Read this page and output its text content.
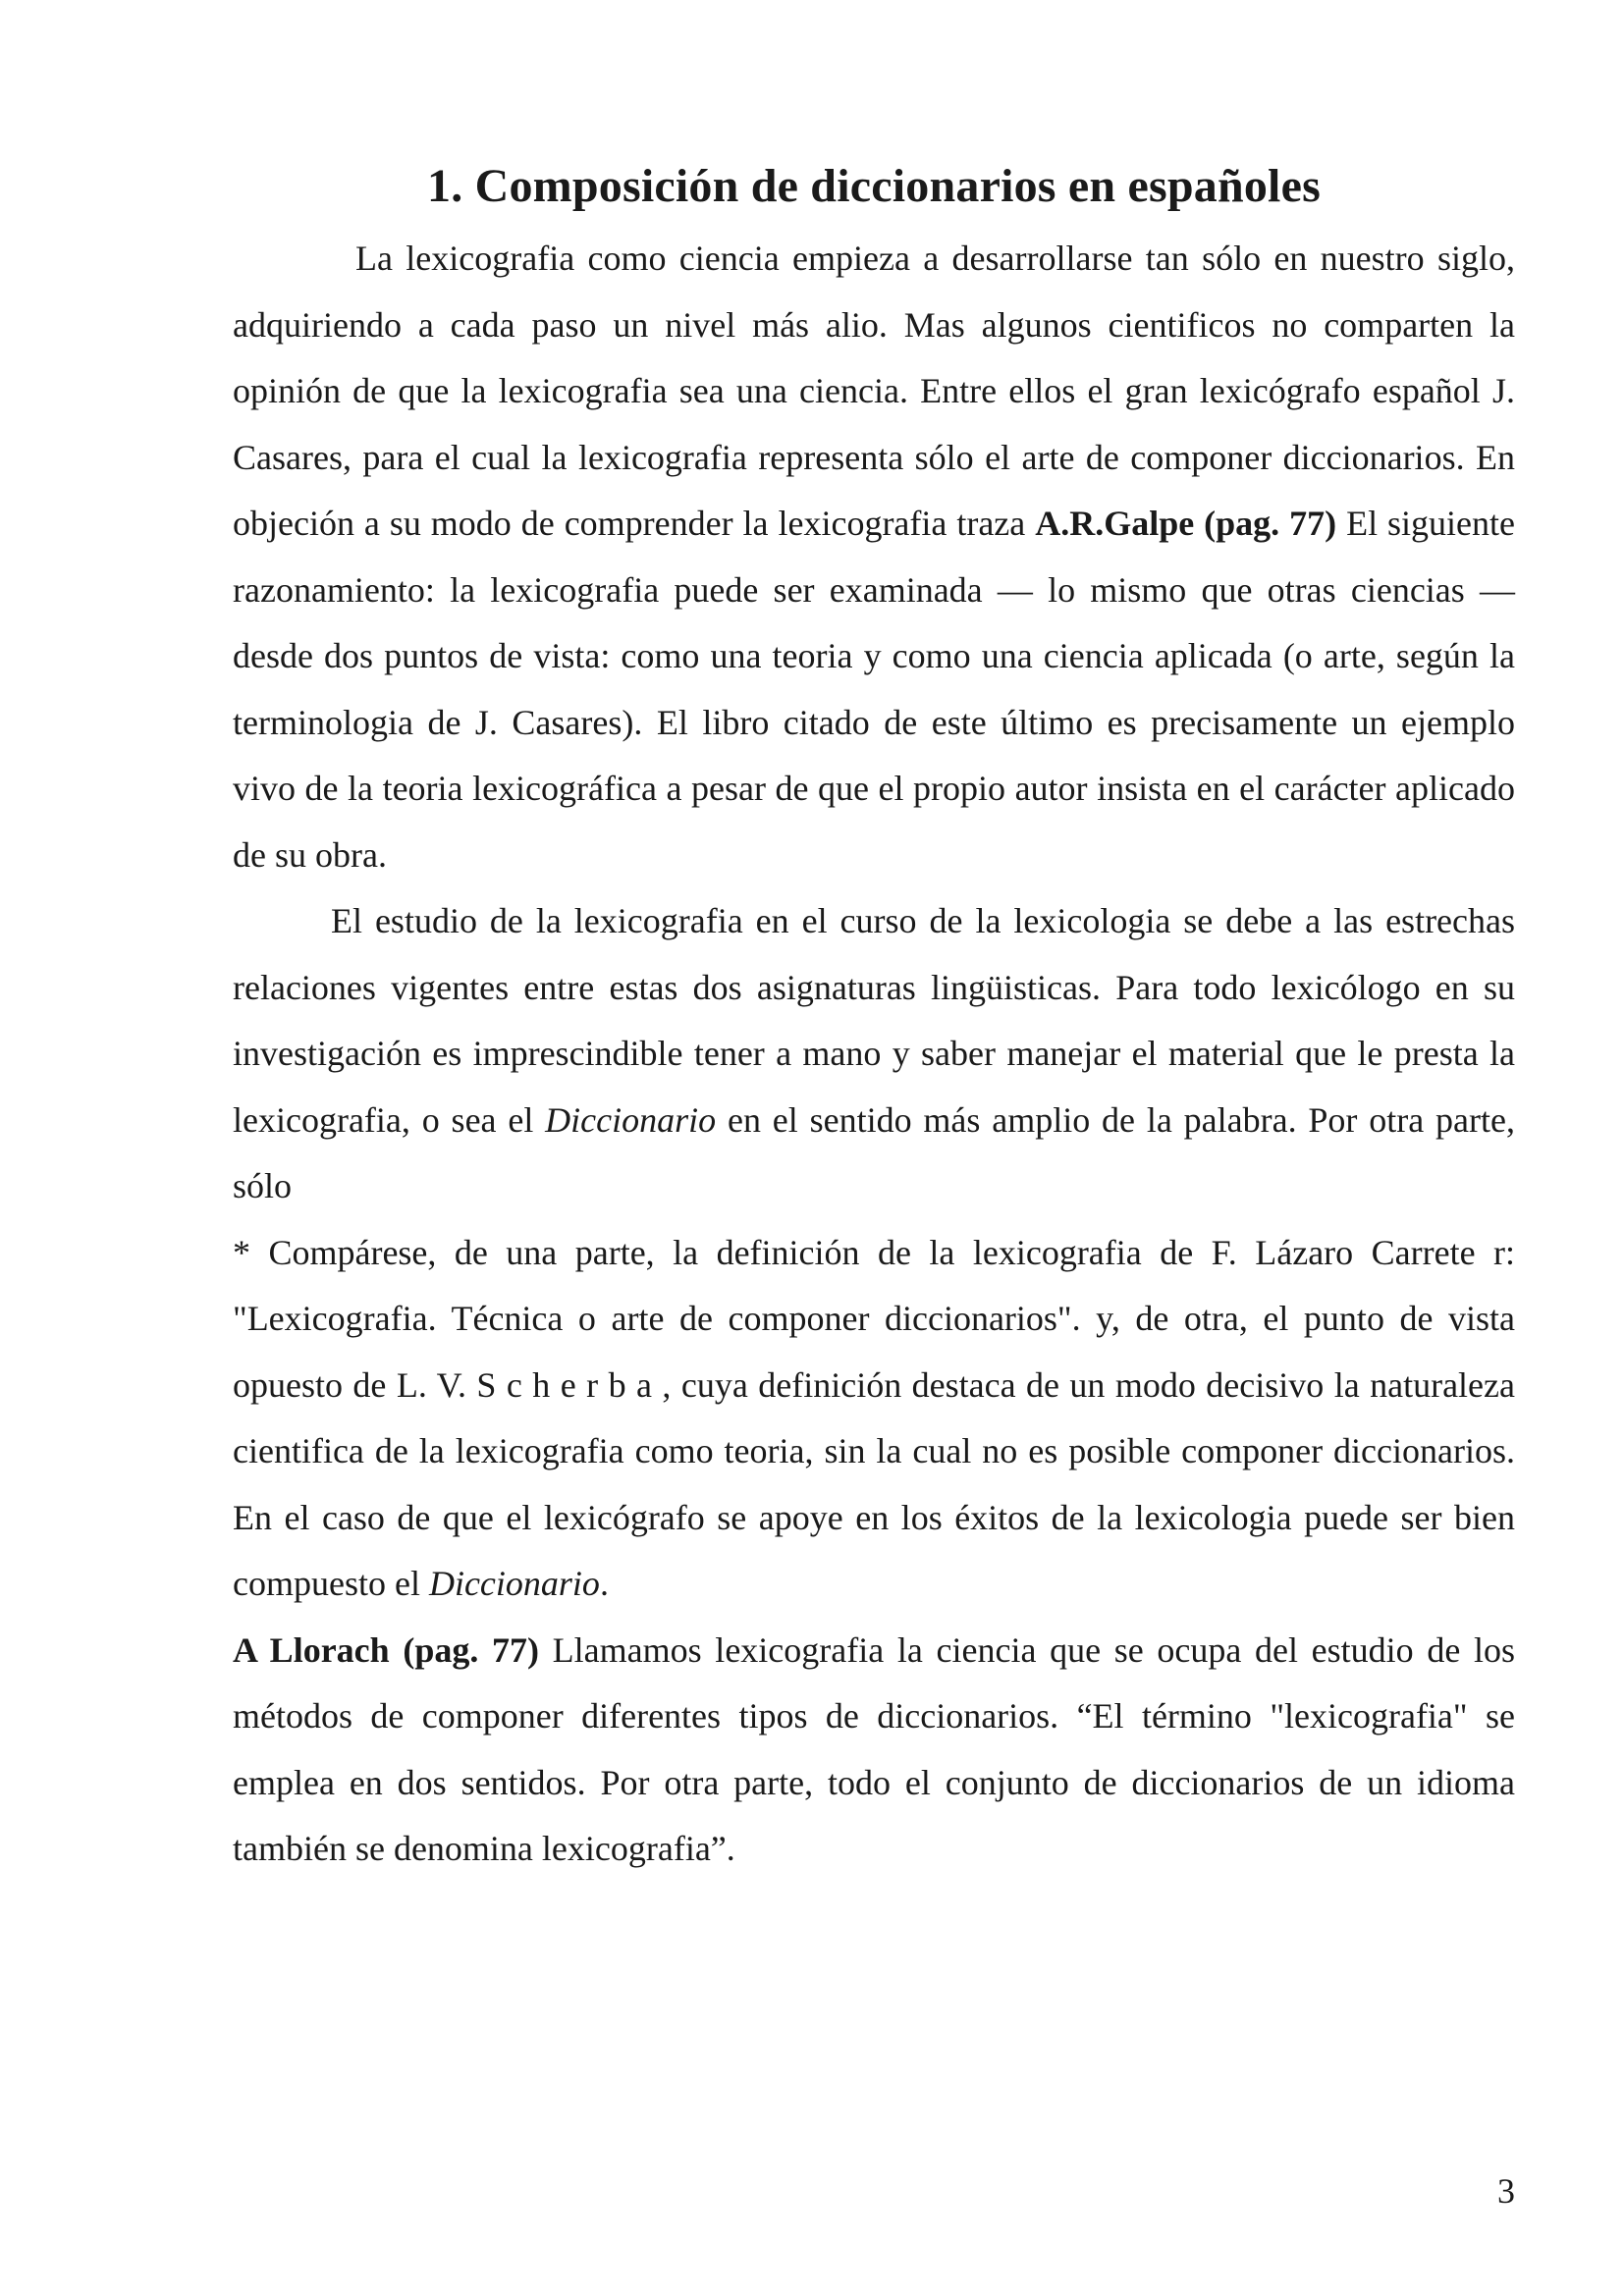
1. Composición de diccionarios en españoles

La lexicografia como ciencia empieza a desarrollarse tan sólo en nuestro siglo, adquiriendo a cada paso un nivel más alio. Mas algunos cientificos no comparten la opinión de que la lexicografia sea una ciencia. Entre ellos el gran lexicógrafo español J. Casares, para el cual la lexicografia representa sólo el arte de componer diccionarios. En objeción a su modo de comprender la lexicografia traza A.R.Galpe (pag. 77) El siguiente razonamiento: la lexicografia puede ser examinada — lo mismo que otras ciencias — desde dos puntos de vista: como una teoria y como una ciencia aplicada (o arte, según la terminologia de J. Casares). El libro citado de este último es precisamente un ejemplo vivo de la teoria lexicográfica a pesar de que el propio autor insista en el carácter aplicado de su obra.

El estudio de la lexicografia en el curso de la lexicologia se debe a las estrechas relaciones vigentes entre estas dos asignaturas lingüisticas. Para todo lexicólogo en su investigación es imprescindible tener a mano y saber manejar el material que le presta la lexicografia, o sea el Diccionario en el sentido más amplio de la palabra. Por otra parte, sólo

* Compárese, de una parte, la definición de la lexicografia de F. Lázaro Carrete r: "Lexicografia. Técnica o arte de componer diccionarios". y, de otra, el punto de vista opuesto de L. V. S c h e r b a , cuya definición destaca de un modo decisivo la naturaleza cientifica de la lexicografia como teoria, sin la cual no es posible componer diccionarios. En el caso de que el lexicógrafo se apoye en los éxitos de la lexicologia puede ser bien compuesto el Diccionario.

A Llorach (pag. 77) Llamamos lexicografia la ciencia que se ocupa del estudio de los métodos de componer diferentes tipos de diccionarios. “El término "lexicografia" se emplea en dos sentidos. Por otra parte, todo el conjunto de diccionarios de un idioma también se denomina lexicografia”.

3
